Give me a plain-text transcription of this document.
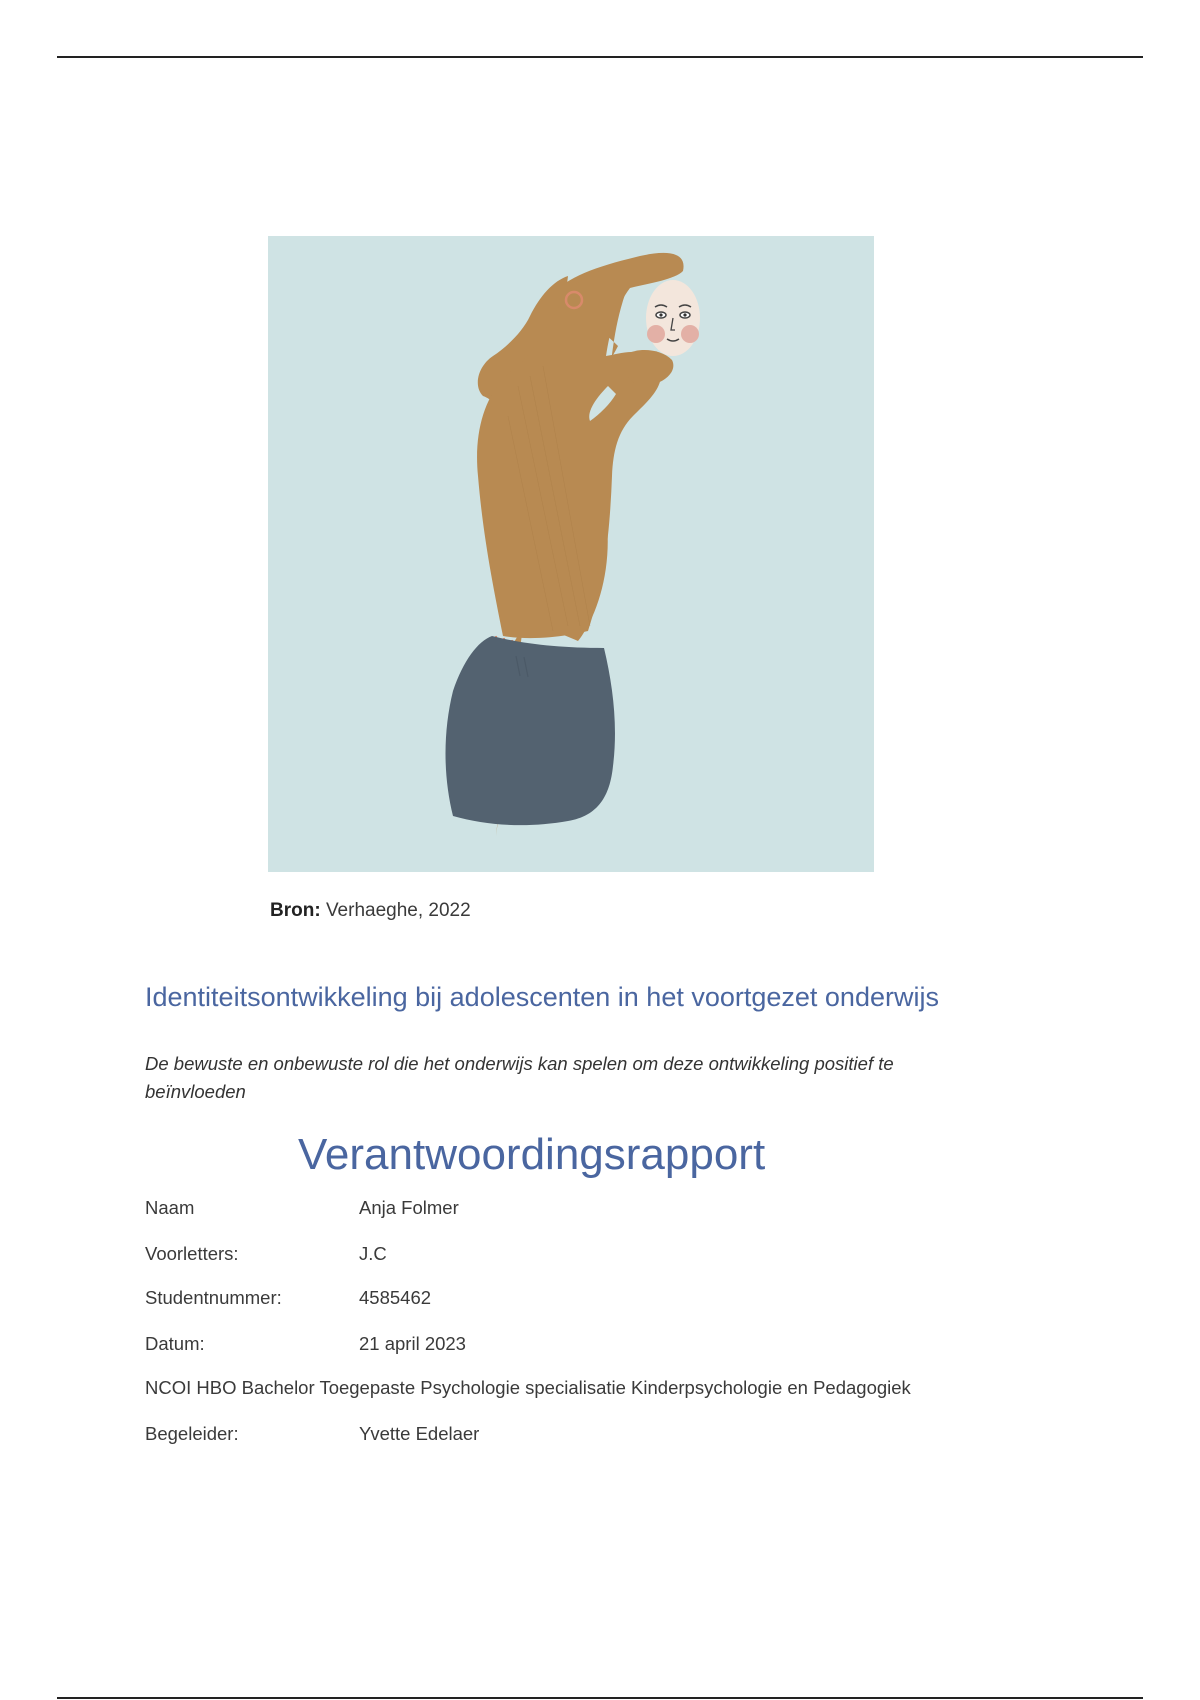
Bron: Verhaeghe, 2022
Identiteitsontwikkeling bij adolescenten in het voortgezet onderwijs
De bewuste en onbewuste rol die het onderwijs kan spelen om deze ontwikkeling positief te beïnvloeden
Verantwoordingsrapport
Naam	Anja Folmer
Voorletters:	J.C
Studentnummer:	4585462
Datum:	21 april 2023
NCOI HBO Bachelor Toegepaste Psychologie specialisatie Kinderpsychologie en Pedagogiek
Begeleider:	Yvette Edelaer
